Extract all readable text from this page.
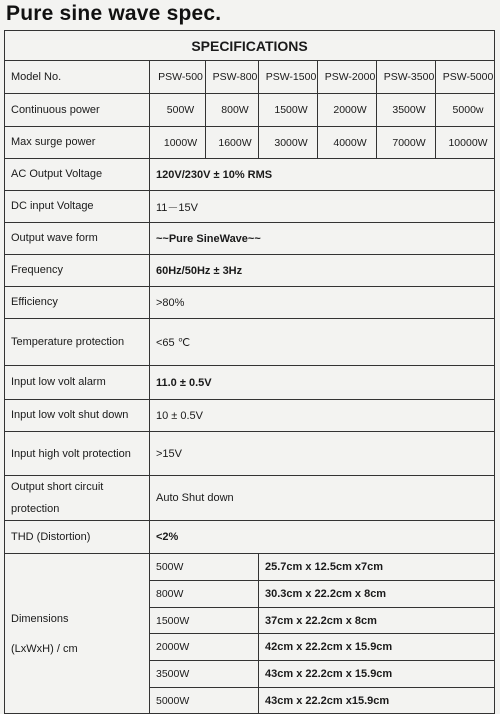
Pure sine wave spec.
SPECIFICATIONS						
Model No.	PSW-500	PSW-800	PSW-1500	PSW-2000	PSW-3500	PSW-5000
Continuous power	500W	800W	1500W	2000W	3500W	5000w
Max surge power	1000W	1600W	3000W	4000W	7000W	10000W
AC Output Voltage	120V/230V ± 10% RMS					
DC input Voltage	11－15V					
Output wave form	~~Pure SineWave~~					
Frequency	60Hz/50Hz ± 3Hz					
Efficiency	>80%					
Temperature protection	<65 ℃					
Input low volt alarm	11.0 ± 0.5V					
Input low volt shut down	10 ± 0.5V					
Input high volt protection	>15V					
Output short circuit protection	Auto Shut down					
THD (Distortion)	<2%					
Dimensions
(LxWxH) / cm	500W		25.7cm x 12.5cm x7cm			
	800W		30.3cm x 22.2cm x 8cm			
	1500W		37cm x 22.2cm x 8cm			
	2000W		42cm x 22.2cm x 15.9cm			
	3500W		43cm x 22.2cm x 15.9cm			
	5000W		43cm x 22.2cm x15.9cm			
